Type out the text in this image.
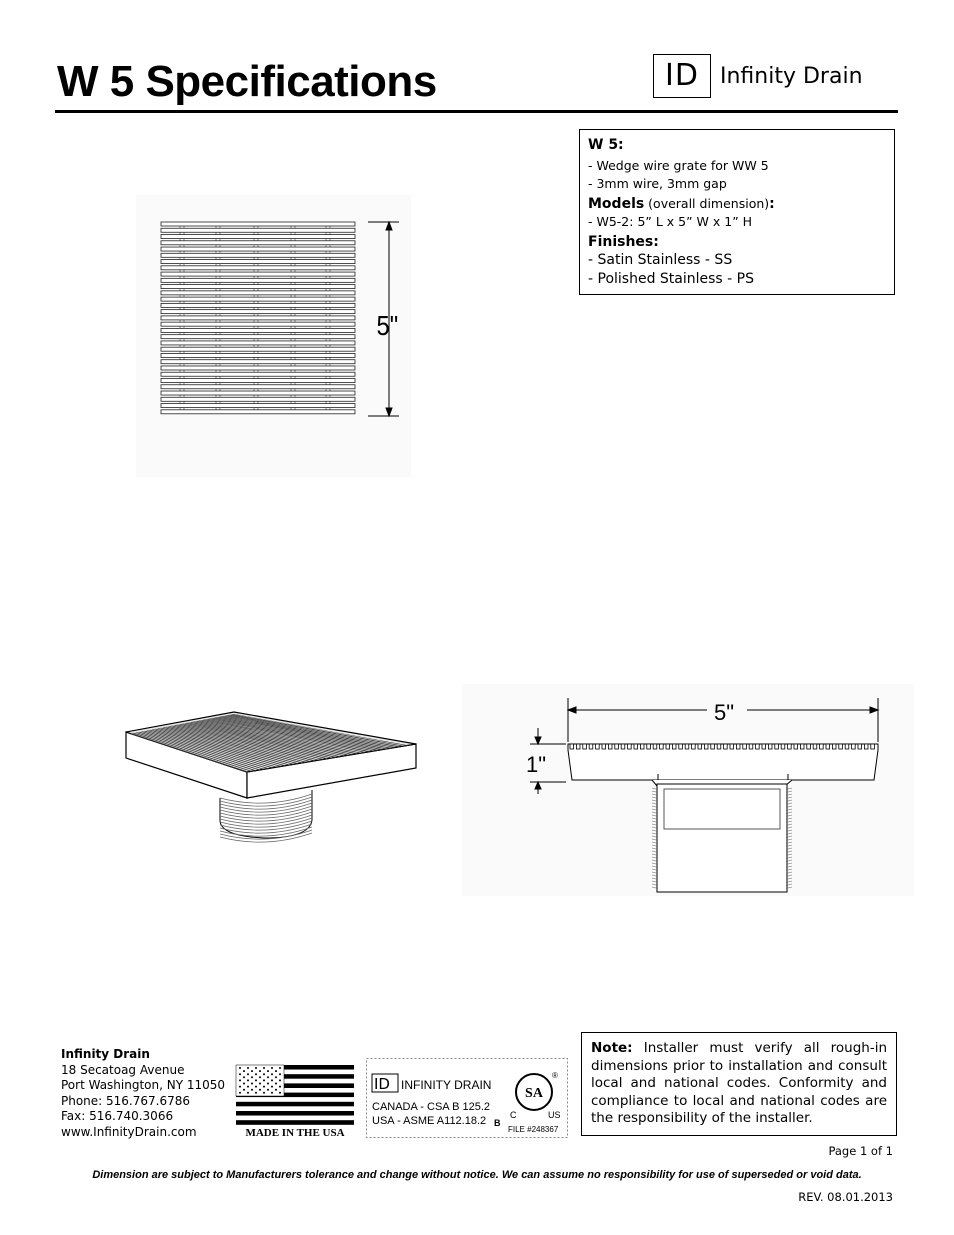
W 5 Specifications	ID Infinity Drain
W 5:
- Wedge wire grate for WW 5
- 3mm wire, 3mm gap
Models (overall dimension):
- W5-2: 5” L x 5” W x 1” H
Finishes:
- Satin Stainless - SS
- Polished Stainless - PS
5"
5"
1"
Infinity Drain
18 Secatoag Avenue
Port Washington, NY 11050
Phone: 516.767.6786
Fax: 516.740.3066
www.InfinityDrain.com	MADE IN THE USA
ID INFINITY DRAIN
CANADA - CSA B 125.2
USA - ASME A112.18.2 B
SA
C	US
®
FILE #248367
Note: Installer must verify all rough-in dimensions prior to installation and consult local and national codes. Conformity and compliance to local and national codes are the responsibility of the installer.
Page 1 of 1
Dimension are subject to Manufacturers tolerance and change without notice. We can assume no responsibility for use of superseded or void data.
REV. 08.01.2013
